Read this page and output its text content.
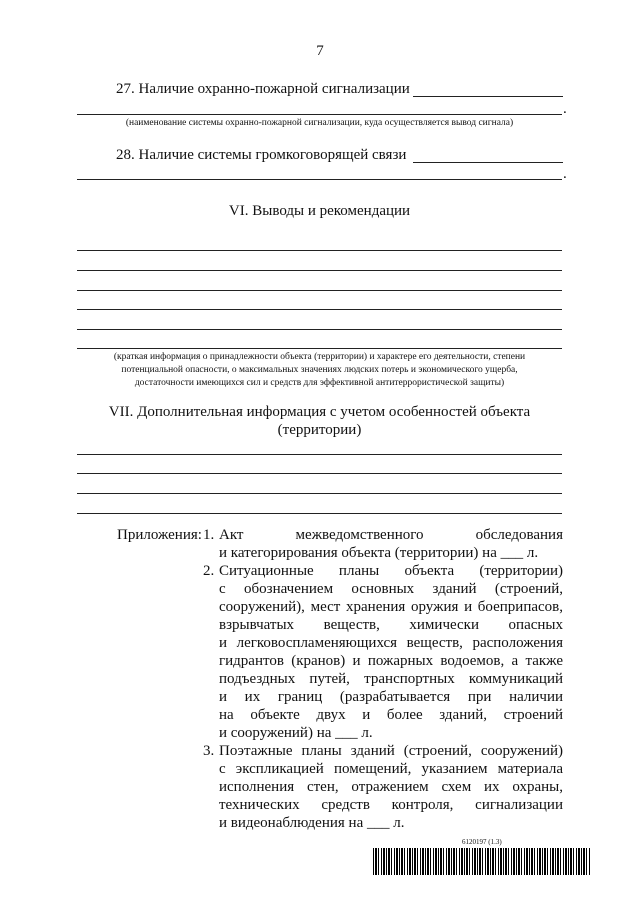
7
27. Наличие охранно-пожарной сигнализации
.
(наименование системы охранно-пожарной сигнализации, куда осуществляется вывод сигнала)
28. Наличие системы громкоговорящей связи
.
VI. Выводы и рекомендации
(краткая информация о принадлежности объекта (территории) и характере его деятельности, степени
потенциальной опасности, о максимальных значениях людских потерь и экономического ущерба,
достаточности имеющихся сил и средств для эффективной антитеррористической защиты)
VII. Дополнительная информация с учетом особенностей объекта
(территории)
Приложения: 1. Акт межведомственного обследования
и категорирования объекта (территории) на ___ л.
2. Ситуационные планы объекта (территории)
с обозначением основных зданий (строений,
сооружений), мест хранения оружия и боеприпасов,
взрывчатых веществ, химически опасных
и легковоспламеняющихся веществ, расположения
гидрантов (кранов) и пожарных водоемов, а также
подъездных путей, транспортных коммуникаций
и их границ (разрабатывается при наличии
на объекте двух и более зданий, строений
и сооружений) на ___ л.
3. Поэтажные планы зданий (строений, сооружений)
с экспликацией помещений, указанием материала
исполнения стен, отражением схем их охраны,
технических средств контроля, сигнализации
и видеонаблюдения на ___ л.
6120197 (1.3)
